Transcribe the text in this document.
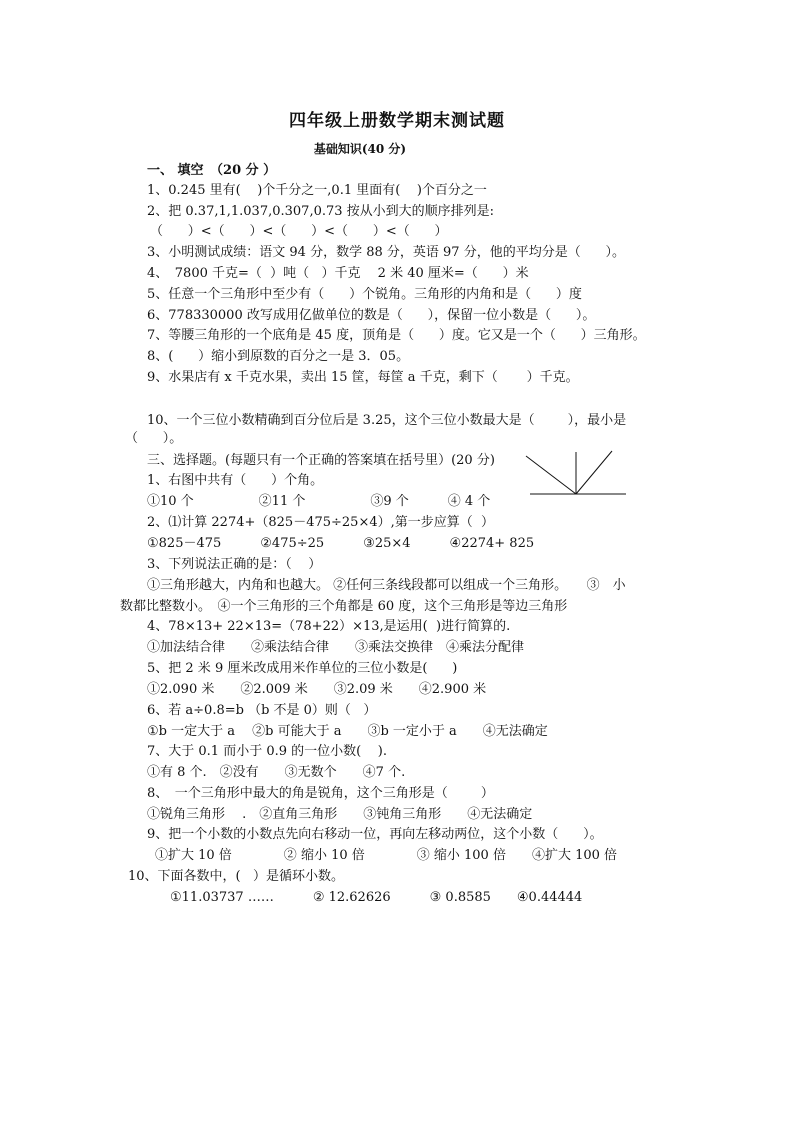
四年级上册数学期末测试题
基础知识(40 分)
一、 填空　（20 分 ）
1、0.245 里有(    )个千分之一,0.1 里面有(    )个百分之一
2、把 0.37,1,1.037,0.307,0.73 按从小到大的顺序排列是:
（      ）<（      ）<（      ）<（      ）<（      ）
3、小明测试成绩：语文 94 分，数学 88 分，英语 97 分，他的平均分是（      ）。
4、　7800 千克=（  ）吨（   ）千克　 2 米 40 厘米=（      ）米
5、任意一个三角形中至少有（      ）个锐角。三角形的内角和是（      ）度
6、778330000 改写成用亿做单位的数是（      ），保留一位小数是（      ）。
7、等腰三角形的一个底角是 45 度，顶角是（      ）度。它又是一个（      ）三角形。
8、(      ）缩小到原数的百分之一是 3．05。
9、水果店有 x 千克水果，卖出 15 筐，每筐 a 千克，剩下（       ）千克。
10、一个三位小数精确到百分位后是 3.25，这个三位小数最大是（        ），最小是
（      ）。
三、选择题。(每题只有一个正确的答案填在括号里）(20 分)
1、右图中共有（      ）个角。
①10 个　　　　　②11 个　　　　　③9 个　　　④ 4 个
2、⑴计算 2274+（825－475÷25×4）,第一步应算（  ）
①825－475　　　②475÷25　　　③25×4　　　④2274+ 825
3、下列说法正确的是：（    ）
①三角形越大，内角和也越大。 ②任何三条线段都可以组成一个三角形。　　③　小
数都比整数小。　④一个三角形的三个角都是 60 度，这个三角形是等边三角形
4、78×13+ 22×13=（78+22）×13,是运用(  )进行简算的.
①加法结合律　　②乘法结合律　　③乘法交换律　④乘法分配律
5、把 2 米 9 厘米改成用米作单位的三位小数是(      )
①2.090 米　　②2.009 米　　③2.09 米　　④2.900 米
6、若 a÷0.8=b （b 不是 0）则（   ）
①b 一定大于 a　 ②b 可能大于 a　　③b 一定小于 a　　④无法确定
7、大于 0.1 而小于 0.9 的一位小数(    ).
①有 8 个.　②没有　　③无数个　　④7 个.
8、　一个三角形中最大的角是锐角，这个三角形是（        ）
①锐角三角形　 .　②直角三角形　　③钝角三角形　　④无法确定
9、把一个小数的小数点先向右移动一位，再向左移动两位，这个小数（      ）。
①扩大 10 倍　　　　② 缩小 10 倍　　　　③ 缩小 100 倍　　④扩大 100 倍
10、下面各数中，(   ）是循环小数。
①11.03737 ……　　　② 12.62626　　　③ 0.8585　　④0.44444
